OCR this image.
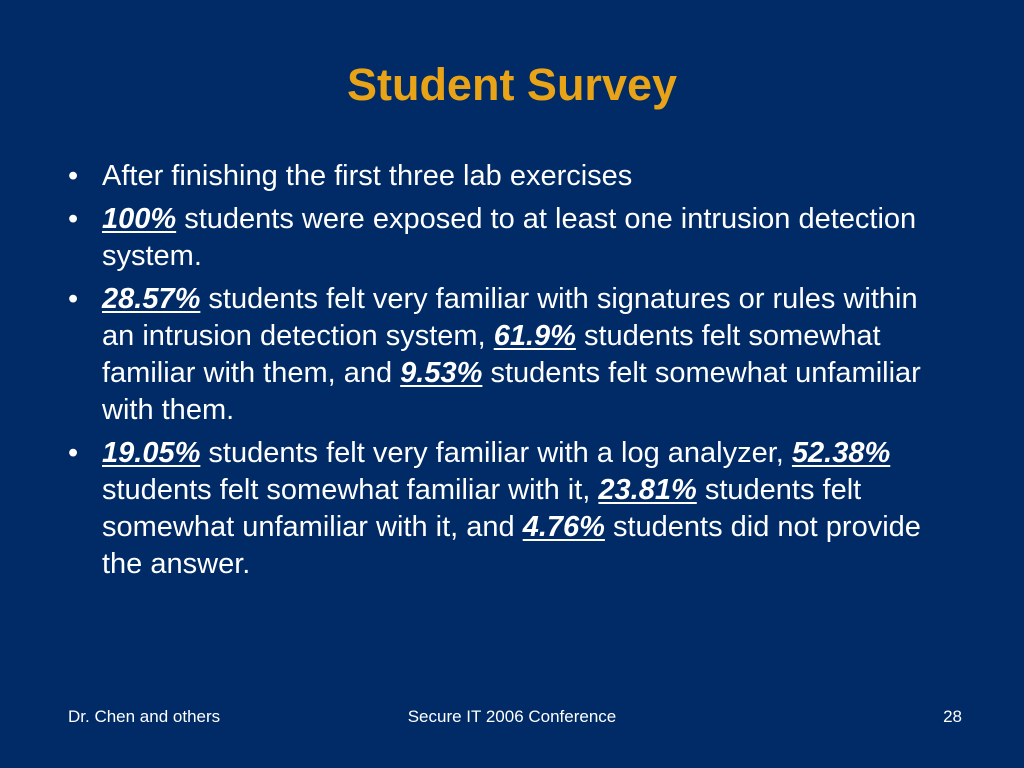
Student Survey
• After finishing the first three lab exercises
• 100% students were exposed to at least one intrusion detection system.
• 28.57% students felt very familiar with signatures or rules within an intrusion detection system, 61.9% students felt somewhat familiar with them, and 9.53% students felt somewhat unfamiliar with them.
• 19.05% students felt very familiar with a log analyzer, 52.38% students felt somewhat familiar with it, 23.81% students felt somewhat unfamiliar with it, and 4.76% students did not provide the answer.
Dr. Chen and others	Secure IT 2006 Conference	28
